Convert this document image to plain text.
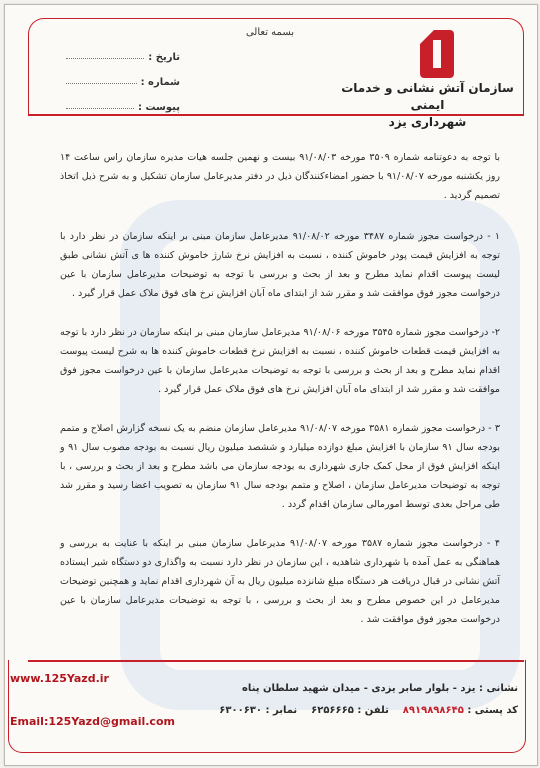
بسمه تعالی
سازمان آتش نشانی و خدمات ایمنی
شهرداری یزد
تاریخ :
شماره :
پیوست :

با توجه به دعوتنامه شماره ۳۵۰۹ مورخه ۹۱/۰۸/۰۳ بیست و نهمین جلسه هیات مدیره سازمان راس ساعت ۱۴ روز یکشنبه مورخه ۹۱/۰۸/۰۷ با حضور امضاءکنندگان ذیل در دفتر مدیرعامل سازمان تشکیل و به شرح ذیل اتخاذ تصمیم گردید .

۱ - درخواست مجوز شماره ۳۴۸۷ مورخه ۹۱/۰۸/۰۲ مدیرعامل سازمان مبنی بر اینکه سازمان در نظر دارد با توجه به افزایش قیمت پودر خاموش کننده ، نسبت به افزایش نرخ شارژ خاموش کننده ها ی آتش نشانی طبق لیست پیوست اقدام نماید مطرح و بعد از بحث و بررسی با توجه به توضیحات مدیرعامل سازمان با عین درخواست مجوز فوق موافقت شد و مقرر شد از ابتدای ماه آبان افزایش نرخ های فوق ملاک عمل قرار گیرد .

۲- درخواست مجوز شماره ۳۵۴۵ مورخه ۹۱/۰۸/۰۶ مدیرعامل سازمان مبنی بر اینکه سازمان در نظر دارد با توجه به افزایش قیمت قطعات خاموش کننده ، نسبت به افزایش نرخ قطعات خاموش کننده ها به شرح لیست پیوست اقدام نماید مطرح و بعد از بحث و بررسی با توجه به توضیحات مدیرعامل سازمان با عین درخواست مجوز فوق موافقت شد و مقرر شد از ابتدای ماه آبان افزایش نرخ های فوق ملاک عمل قرار گیرد .

۳ - درخواست مجوز شماره ۳۵۸۱ مورخه ۹۱/۰۸/۰۷ مدیرعامل سازمان منضم به یک نسخه گزارش اصلاح و متمم بودجه سال ۹۱ سازمان با افزایش مبلغ دوازده میلیارد و ششصد میلیون ریال نسبت به بودجه مصوب سال ۹۱ و اینکه افزایش فوق از محل کمک جاری شهرداری به بودجه سازمان می باشد مطرح و بعد از بحث و بررسی ، با توجه به توضیحات مدیرعامل سازمان ، اصلاح و متمم بودجه سال ۹۱ سازمان به تصویب اعضا رسید و مقرر شد طی مراحل بعدی توسط امورمالی سازمان اقدام گردد .

۴ - درخواست مجوز شماره ۳۵۸۷ مورخه ۹۱/۰۸/۰۷ مدیرعامل سازمان مبنی بر اینکه با عنایت به بررسی و هماهنگی به عمل آمده با شهرداری شاهدیه ، این سازمان در نظر دارد نسبت به واگذاری دو دستگاه شیر ایستاده آتش نشانی در قبال دریافت هر دستگاه مبلغ شانزده میلیون ریال به آن شهرداری اقدام نماید و همچنین توضیحات مدیرعامل در این خصوص مطرح و بعد از بحث و بررسی ، با توجه به توضیحات مدیرعامل سازمان با عین درخواست مجوز فوق موافقت شد .

www.125Yazd.ir
Email:125Yazd@gmail.com
نشانی : یزد - بلوار صابر یزدی - میدان شهید سلطان پناه
کد پستی : ۸۹۱۹۸۹۸۶۴۵    تلفن : ۶۲۵۶۶۶۵    نمابر : ۶۳۰۰۶۳۰
